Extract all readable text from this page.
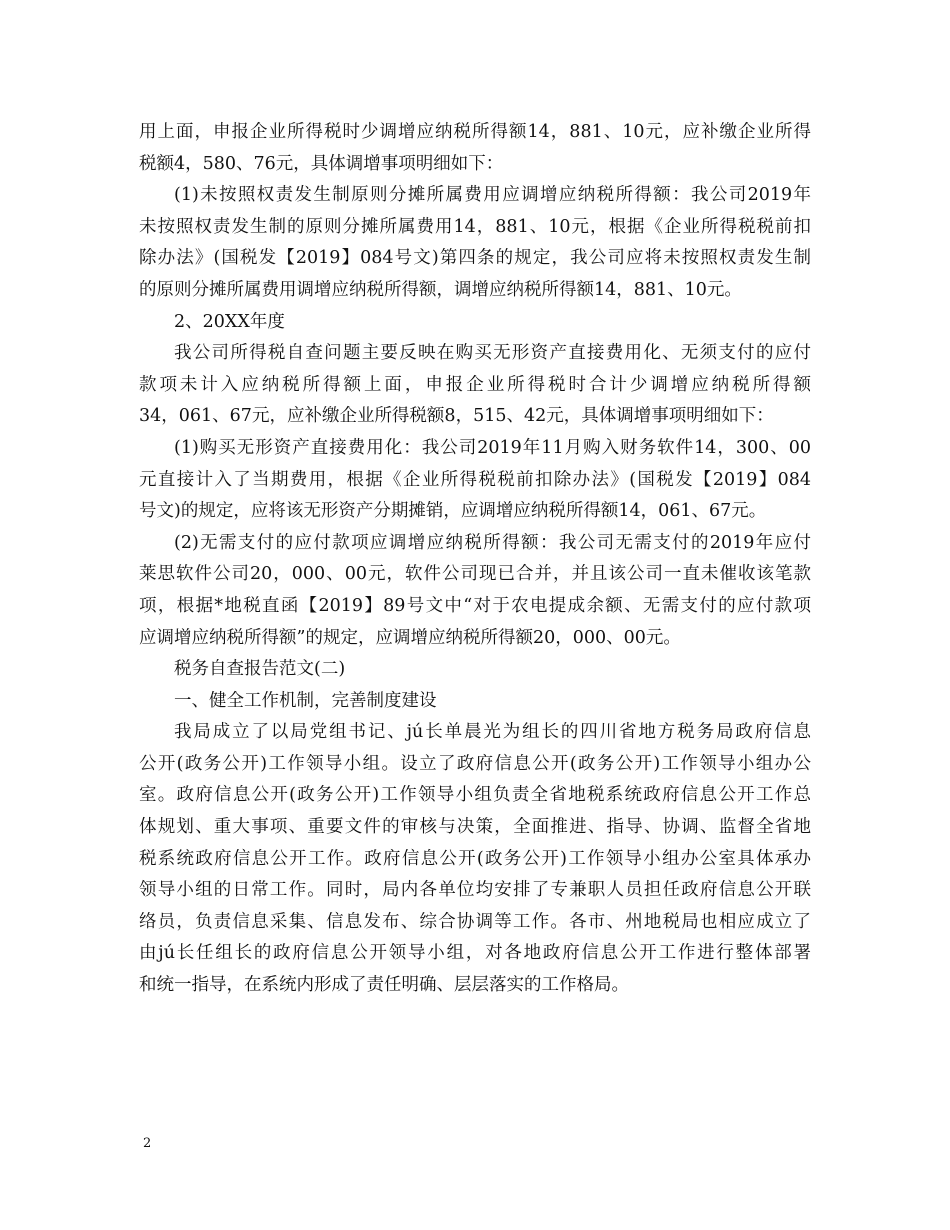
用上面，申报企业所得税时少调增应纳税所得额14，881、10元，应补缴企业所得
税额4，580、76元，具体调增事项明细如下：
(1)未按照权责发生制原则分摊所属费用应调增应纳税所得额：我公司2019年
未按照权责发生制的原则分摊所属费用14，881、10元，根据《企业所得税税前扣
除办法》(国税发【2019】084号文)第四条的规定，我公司应将未按照权责发生制
的原则分摊所属费用调增应纳税所得额，调增应纳税所得额14，881、10元。
2、20XX年度
我公司所得税自查问题主要反映在购买无形资产直接费用化、无须支付的应付
款项未计入应纳税所得额上面，申报企业所得税时合计少调增应纳税所得额
34，061、67元，应补缴企业所得税额8，515、42元，具体调增事项明细如下：
(1)购买无形资产直接费用化：我公司2019年11月购入财务软件14，300、00
元直接计入了当期费用，根据《企业所得税税前扣除办法》(国税发【2019】084
号文)的规定，应将该无形资产分期摊销，应调增应纳税所得额14，061、67元。
(2)无需支付的应付款项应调增应纳税所得额：我公司无需支付的2019年应付
莱思软件公司20，000、00元，软件公司现已合并，并且该公司一直未催收该笔款
项，根据*地税直函【2019】89号文中“对于农电提成余额、无需支付的应付款项
应调增应纳税所得额”的规定，应调增应纳税所得额20，000、00元。
税务自查报告范文(二)
一、健全工作机制，完善制度建设
我局成立了以局党组书记、jú长单晨光为组长的四川省地方税务局政府信息
公开(政务公开)工作领导小组。设立了政府信息公开(政务公开)工作领导小组办公
室。政府信息公开(政务公开)工作领导小组负责全省地税系统政府信息公开工作总
体规划、重大事项、重要文件的审核与决策，全面推进、指导、协调、监督全省地
税系统政府信息公开工作。政府信息公开(政务公开)工作领导小组办公室具体承办
领导小组的日常工作。同时，局内各单位均安排了专兼职人员担任政府信息公开联
络员，负责信息采集、信息发布、综合协调等工作。各市、州地税局也相应成立了
由jú长任组长的政府信息公开领导小组，对各地政府信息公开工作进行整体部署
和统一指导，在系统内形成了责任明确、层层落实的工作格局。
2
